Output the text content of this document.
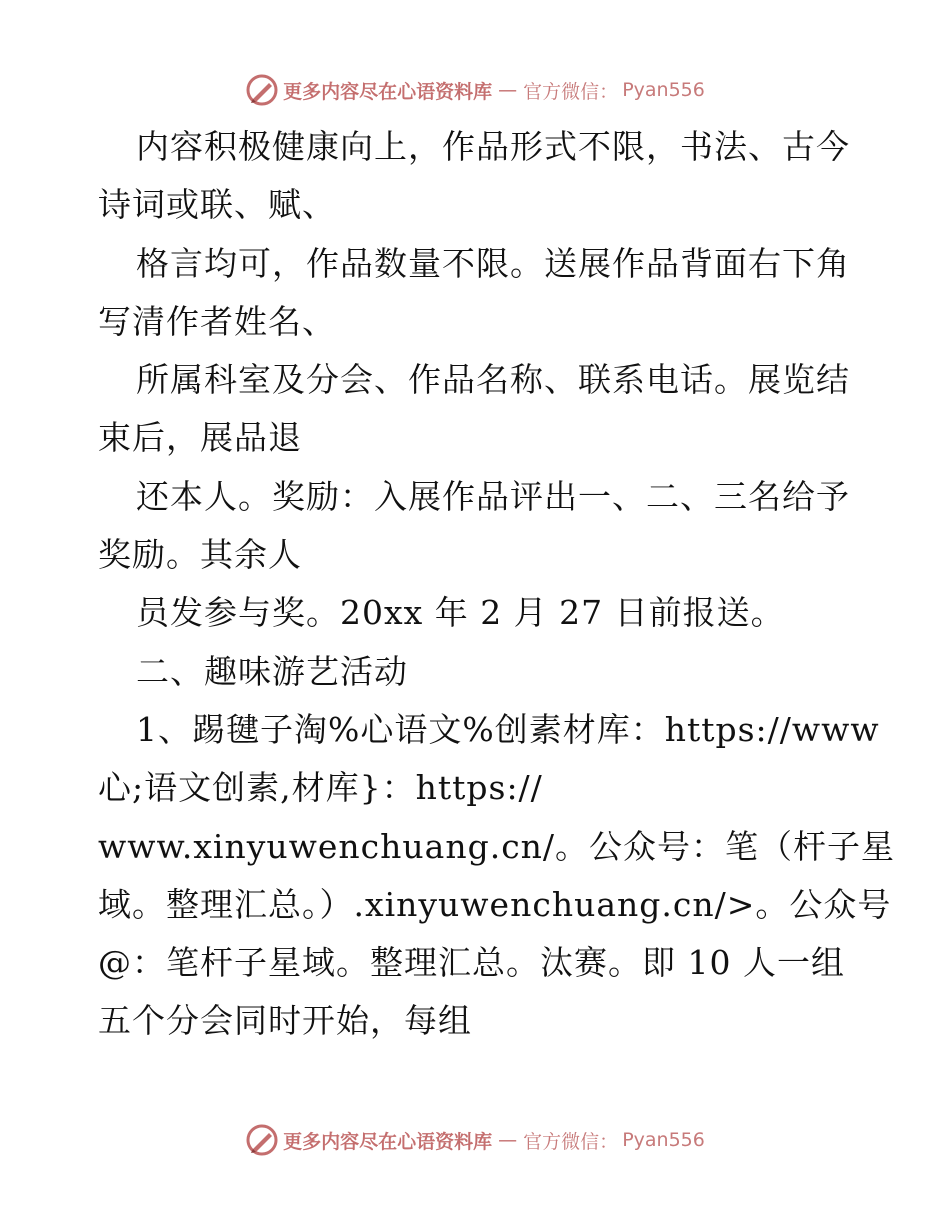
更多内容尽在心语资料库 — 官方微信： Pyan556
内容积极健康向上，作品形式不限，书法、古今
诗词或联、赋、
格言均可，作品数量不限。送展作品背面右下角
写清作者姓名、
所属科室及分会、作品名称、联系电话。展览结
束后，展品退
还本人。奖励：入展作品评出一、二、三名给予
奖励。其余人
员发参与奖。20xx 年 2 月 27 日前报送。
二、趣味游艺活动
1、踢毽子淘%心语文%创素材库：https://www
心;语文创素,材库}：https://
www.xinyuwenchuang.cn/。公众号：笔（杆子星
域。整理汇总。）.xinyuwenchuang.cn/>。公众号
@：笔杆子星域。整理汇总。汰赛。即 10 人一组
五个分会同时开始，每组
更多内容尽在心语资料库 — 官方微信： Pyan556
